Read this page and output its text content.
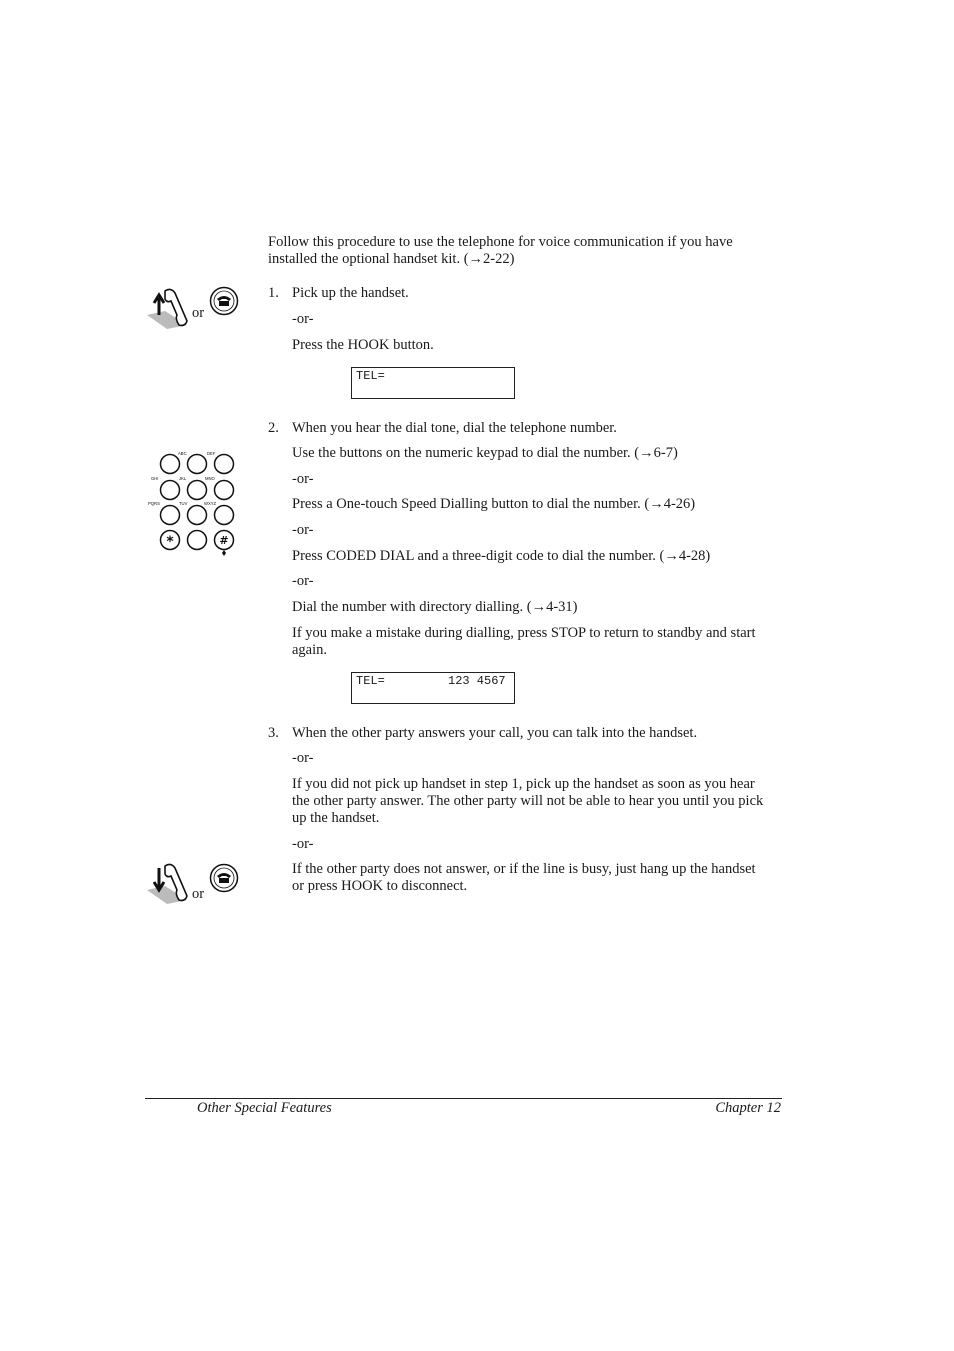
Follow this procedure to use the telephone for voice communication if you have installed the optional handset kit. (→2-22)
or
1. Pick up the handset.
-or-
Press the HOOK button.
TEL=
2. When you hear the dial tone, dial the telephone number.
Use the buttons on the numeric keypad to dial the number. (→6-7)
-or-
Press a One-touch Speed Dialling button to dial the number. (→4-26)
-or-
Press CODED DIAL and a three-digit code to dial the number. (→4-28)
-or-
Dial the number with directory dialling. (→4-31)
If you make a mistake during dialling, press STOP to return to standby and start again.
TEL=	123 4567
ABC	DEF
GHI	JKL	MNO
PQRS	TUV	WXYZ
*	#
3. When the other party answers your call, you can talk into the handset.
-or-
If you did not pick up handset in step 1, pick up the handset as soon as you hear the other party answer. The other party will not be able to hear you until you pick up the handset.
-or-
If the other party does not answer, or if the line is busy, just hang up the handset or press HOOK to disconnect.
or
Other Special Features	Chapter 12
